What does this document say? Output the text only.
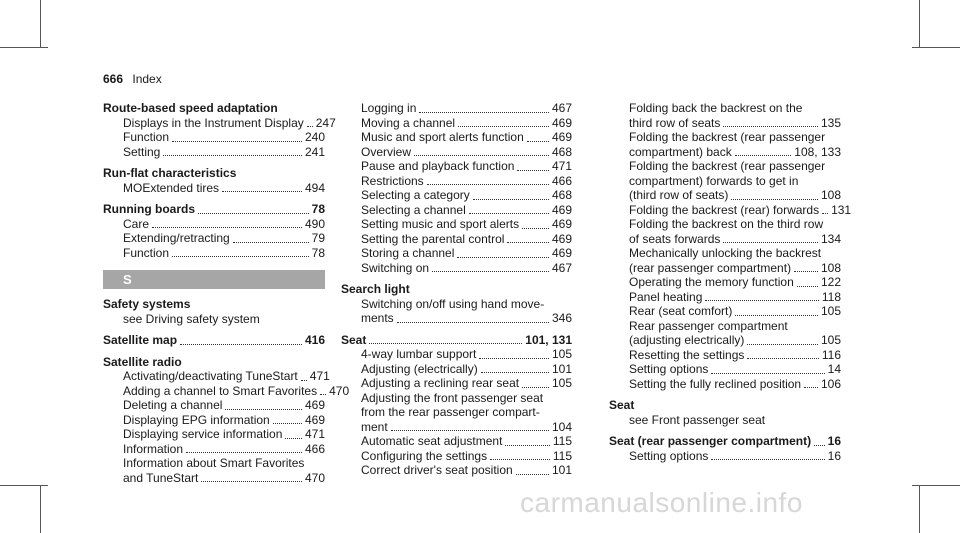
666 Index
Route-based speed adaptation
Displays in the Instrument Display 247
Function	240
Setting	241
Run-flat characteristics
MOExtended tires	494
Running boards	78
Care	490
Extending/retracting	79
Function	78
S
Safety systems
see Driving safety system
Satellite map	416
Satellite radio
Activating/deactivating TuneStart 471
Adding a channel to Smart Favorites 470
Deleting a channel	469
Displaying EPG information	469
Displaying service information 471
Information	466
Information about Smart Favorites
and TuneStart	470
Logging in	467
Moving a channel	469
Music and sport alerts function 469
Overview	468
Pause and playback function	471
Restrictions	466
Selecting a category	468
Selecting a channel	469
Setting music and sport alerts	469
Setting the parental control	469
Storing a channel	469
Switching on	467
Search light
Switching on/off using hand move-
ments	346
Seat	101, 131
4-way lumbar support	105
Adjusting (electrically)	101
Adjusting a reclining rear seat	105
Adjusting the front passenger seat
from the rear passenger compart-
ment	104
Automatic seat adjustment	115
Configuring the settings	115
Correct driver's seat position	101
Folding back the backrest on the
third row of seats	135
Folding the backrest (rear passenger
compartment) back	108, 133
Folding the backrest (rear passenger
compartment) forwards to get in
(third row of seats)	108
Folding the backrest (rear) forwards 131
Folding the backrest on the third row
of seats forwards	134
Mechanically unlocking the backrest
(rear passenger compartment) 108
Operating the memory function 122
Panel heating	118
Rear (seat comfort)	105
Rear passenger compartment
(adjusting electrically)	105
Resetting the settings	116
Setting options	14
Setting the fully reclined position 106
Seat
see Front passenger seat
Seat (rear passenger compartment) 16
Setting options	16
carmanualsonline.info
